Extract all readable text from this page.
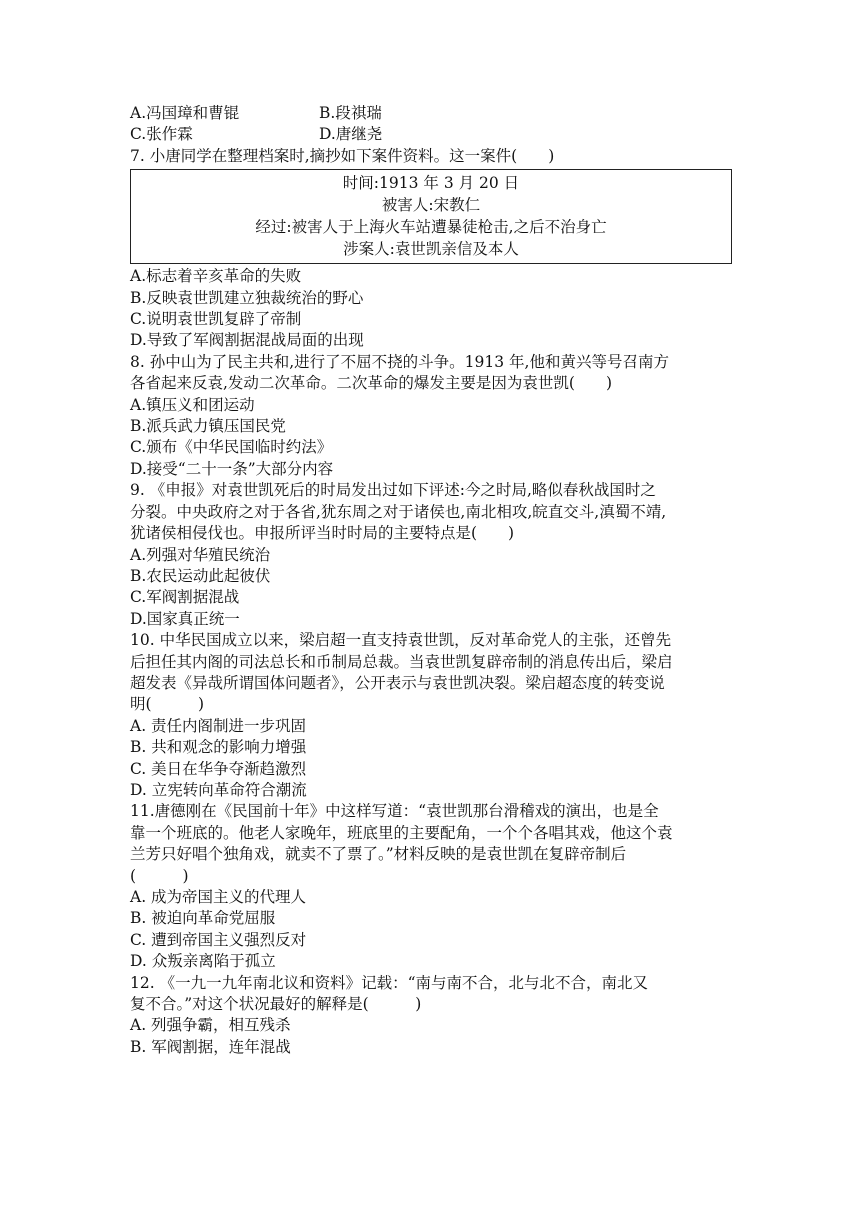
A.冯国璋和曹锟	B.段祺瑞
C.张作霖	D.唐继尧
7. 小唐同学在整理档案时,摘抄如下案件资料。这一案件(　　)
时间:1913 年 3 月 20 日
被害人:宋教仁
经过:被害人于上海火车站遭暴徒枪击,之后不治身亡
涉案人:袁世凯亲信及本人
A.标志着辛亥革命的失败
B.反映袁世凯建立独裁统治的野心
C.说明袁世凯复辟了帝制
D.导致了军阀割据混战局面的出现
8. 孙中山为了民主共和,进行了不屈不挠的斗争。1913 年,他和黄兴等号召南方
各省起来反袁,发动二次革命。二次革命的爆发主要是因为袁世凯(　　)
A.镇压义和团运动
B.派兵武力镇压国民党
C.颁布《中华民国临时约法》
D.接受“二十一条”大部分内容
9. 《申报》对袁世凯死后的时局发出过如下评述:今之时局,略似春秋战国时之
分裂。中央政府之对于各省,犹东周之对于诸侯也,南北相攻,皖直交斗,滇蜀不靖,
犹诸侯相侵伐也。申报所评当时时局的主要特点是(　　)
A.列强对华殖民统治
B.农民运动此起彼伏
C.军阀割据混战
D.国家真正统一
10. 中华民国成立以来，梁启超一直支持袁世凯，反对革命党人的主张，还曾先
后担任其内阁的司法总长和币制局总裁。当袁世凯复辟帝制的消息传出后，梁启
超发表《异哉所谓国体问题者》，公开表示与袁世凯决裂。梁启超态度的转变说
明(　　　)
A. 责任内阁制进一步巩固
B. 共和观念的影响力增强
C. 美日在华争夺渐趋激烈
D. 立宪转向革命符合潮流
11.唐德刚在《民国前十年》中这样写道：“袁世凯那台滑稽戏的演出，也是全
靠一个班底的。他老人家晚年，班底里的主要配角，一个个各唱其戏，他这个袁
兰芳只好唱个独角戏，就卖不了票了。”材料反映的是袁世凯在复辟帝制后
(　　　)
A. 成为帝国主义的代理人
B. 被迫向革命党屈服
C. 遭到帝国主义强烈反对
D. 众叛亲离陷于孤立
12. 《一九一九年南北议和资料》记载：“南与南不合，北与北不合，南北又
复不合。”对这个状况最好的解释是(　　　)
A. 列强争霸，相互残杀
B. 军阀割据，连年混战
